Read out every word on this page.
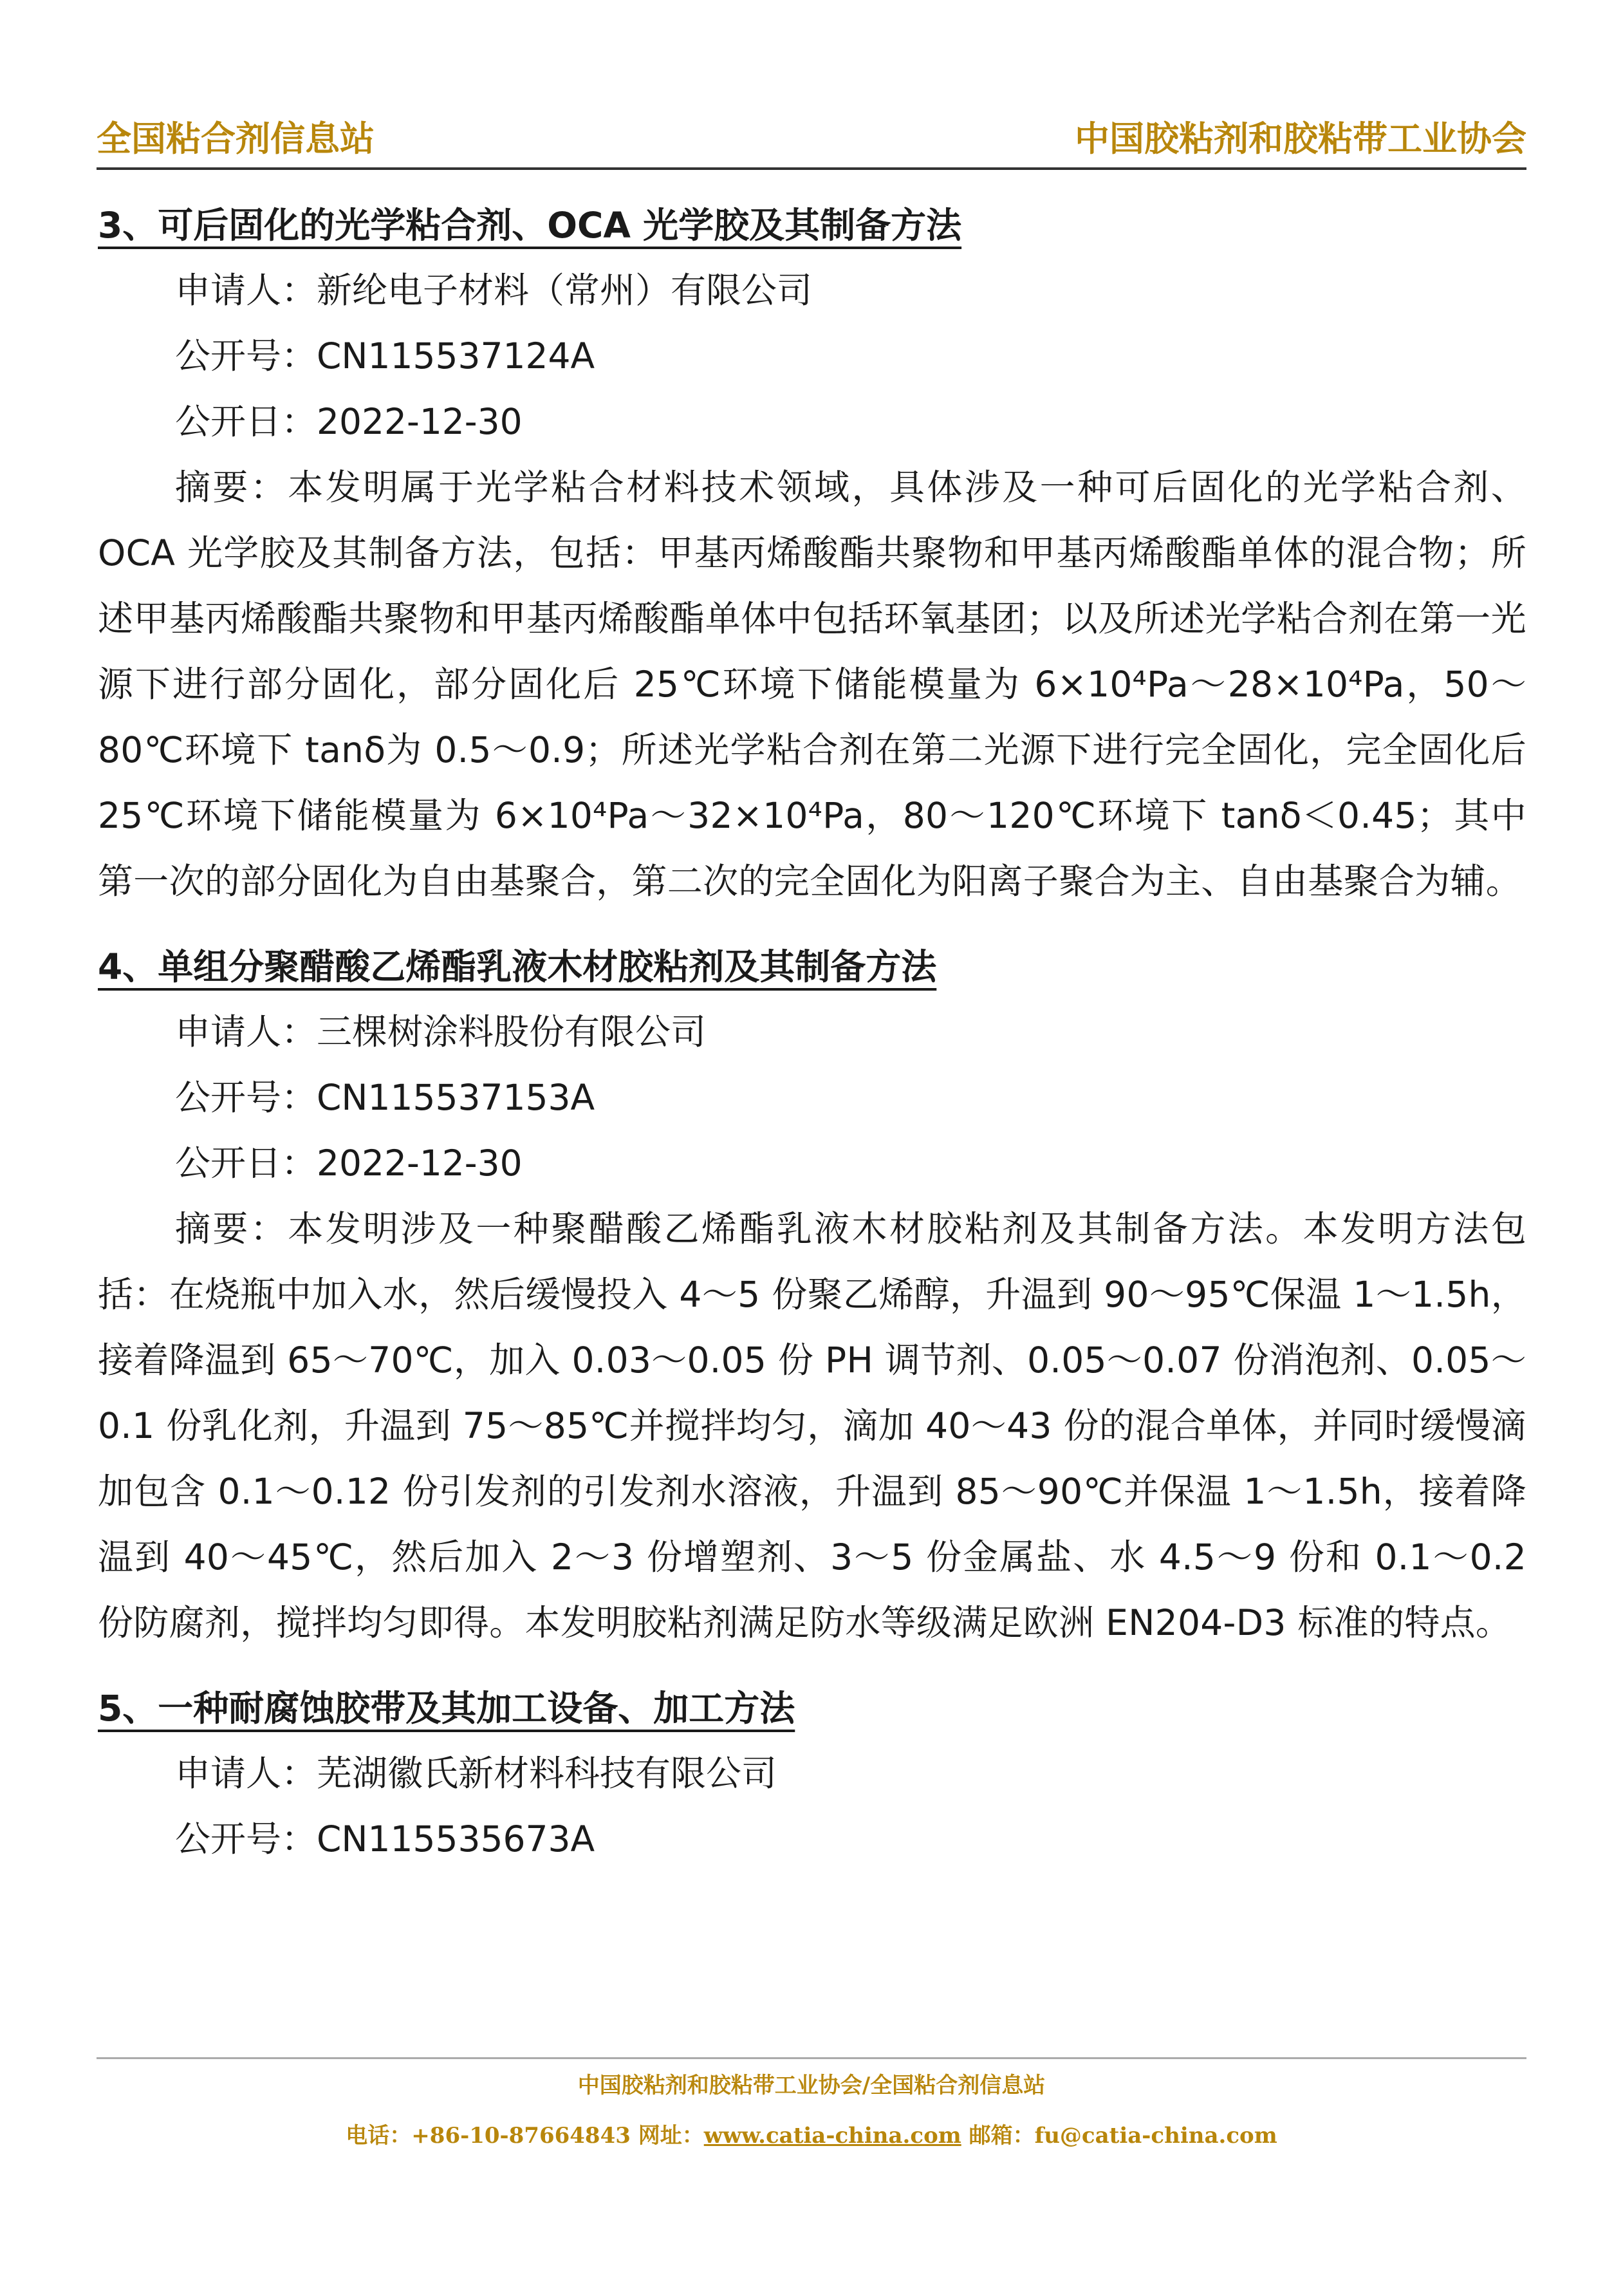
全国粘合剂信息站	中国胶粘剂和胶粘带工业协会
3、可后固化的光学粘合剂、OCA 光学胶及其制备方法
申请人：新纶电子材料（常州）有限公司
公开号：CN115537124A
公开日：2022-12-30
摘要：本发明属于光学粘合材料技术领域，具体涉及一种可后固化的光学粘合剂、OCA 光学胶及其制备方法，包括：甲基丙烯酸酯共聚物和甲基丙烯酸酯单体的混合物；所述甲基丙烯酸酯共聚物和甲基丙烯酸酯单体中包括环氧基团；以及所述光学粘合剂在第一光源下进行部分固化，部分固化后 25℃环境下储能模量为 6×10⁴Pa～28×10⁴Pa，50～80℃环境下 tanδ为 0.5～0.9；所述光学粘合剂在第二光源下进行完全固化，完全固化后 25℃环境下储能模量为 6×10⁴Pa～32×10⁴Pa，80～120℃环境下 tanδ＜0.45；其中第一次的部分固化为自由基聚合，第二次的完全固化为阳离子聚合为主、自由基聚合为辅。
4、单组分聚醋酸乙烯酯乳液木材胶粘剂及其制备方法
申请人：三棵树涂料股份有限公司
公开号：CN115537153A
公开日：2022-12-30
摘要：本发明涉及一种聚醋酸乙烯酯乳液木材胶粘剂及其制备方法。本发明方法包括：在烧瓶中加入水，然后缓慢投入 4～5 份聚乙烯醇，升温到 90～95℃保温 1～1.5h，接着降温到 65～70℃，加入 0.03～0.05 份 PH 调节剂、0.05～0.07 份消泡剂、0.05～0.1 份乳化剂，升温到 75～85℃并搅拌均匀，滴加 40～43 份的混合单体，并同时缓慢滴加包含 0.1～0.12 份引发剂的引发剂水溶液，升温到 85～90℃并保温 1～1.5h，接着降温到 40～45℃，然后加入 2～3 份增塑剂、3～5 份金属盐、水 4.5～9 份和 0.1～0.2 份防腐剂，搅拌均匀即得。本发明胶粘剂满足防水等级满足欧洲 EN204-D3 标准的特点。
5、一种耐腐蚀胶带及其加工设备、加工方法
申请人：芜湖徽氏新材料科技有限公司
公开号：CN115535673A
中国胶粘剂和胶粘带工业协会/全国粘合剂信息站
电话：+86-10-87664843 网址：www.catia-china.com 邮箱：fu@catia-china.com
